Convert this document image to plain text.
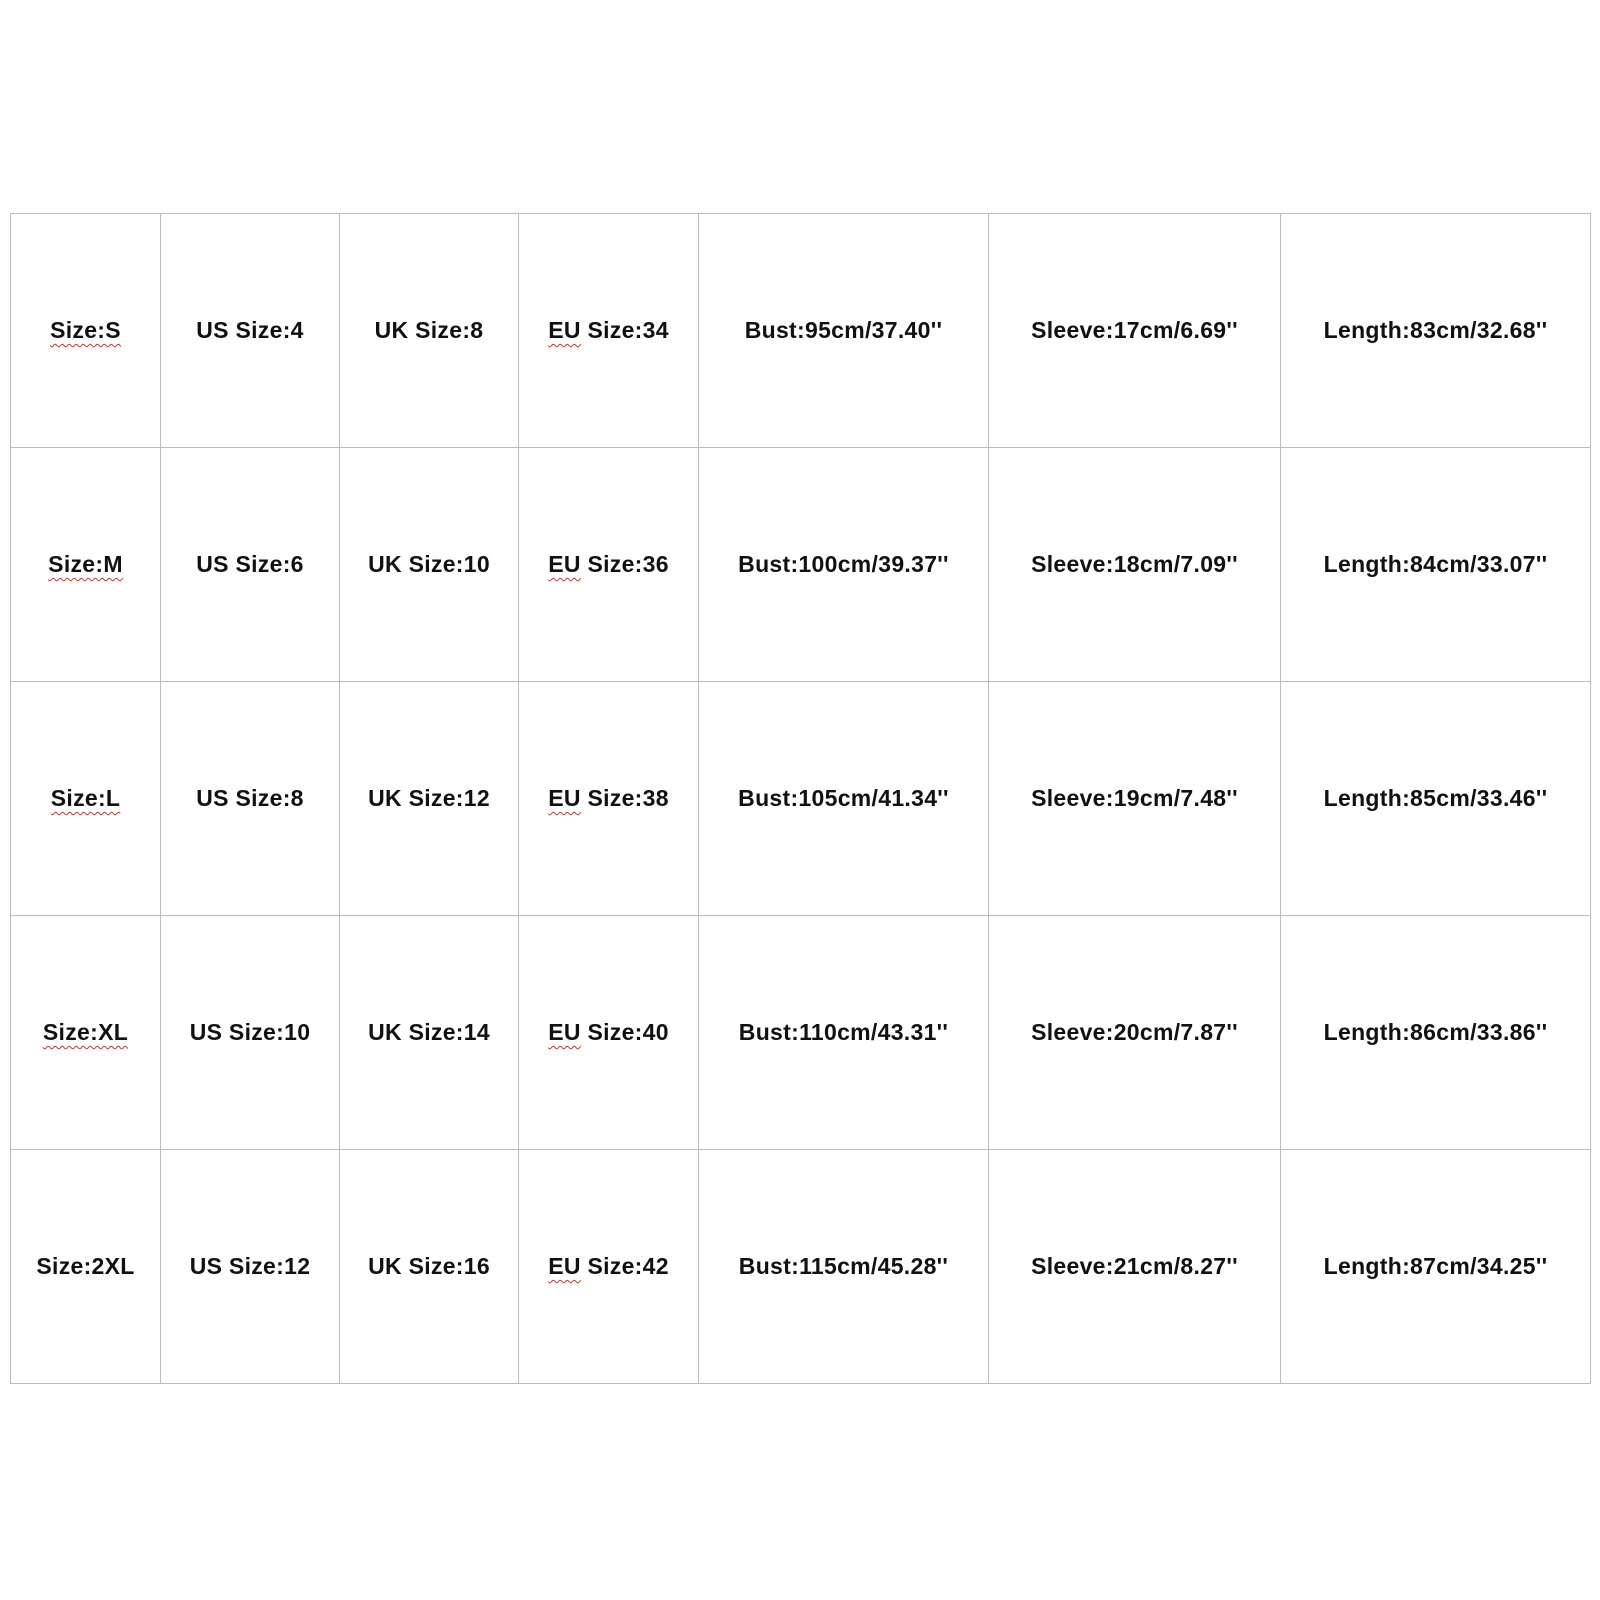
Size:S	US Size:4	UK Size:8	EU Size:34	Bust:95cm/37.40''	Sleeve:17cm/6.69''	Length:83cm/32.68''
Size:M	US Size:6	UK Size:10	EU Size:36	Bust:100cm/39.37''	Sleeve:18cm/7.09''	Length:84cm/33.07''
Size:L	US Size:8	UK Size:12	EU Size:38	Bust:105cm/41.34''	Sleeve:19cm/7.48''	Length:85cm/33.46''
Size:XL	US Size:10	UK Size:14	EU Size:40	Bust:110cm/43.31''	Sleeve:20cm/7.87''	Length:86cm/33.86''
Size:2XL	US Size:12	UK Size:16	EU Size:42	Bust:115cm/45.28''	Sleeve:21cm/8.27''	Length:87cm/34.25''
